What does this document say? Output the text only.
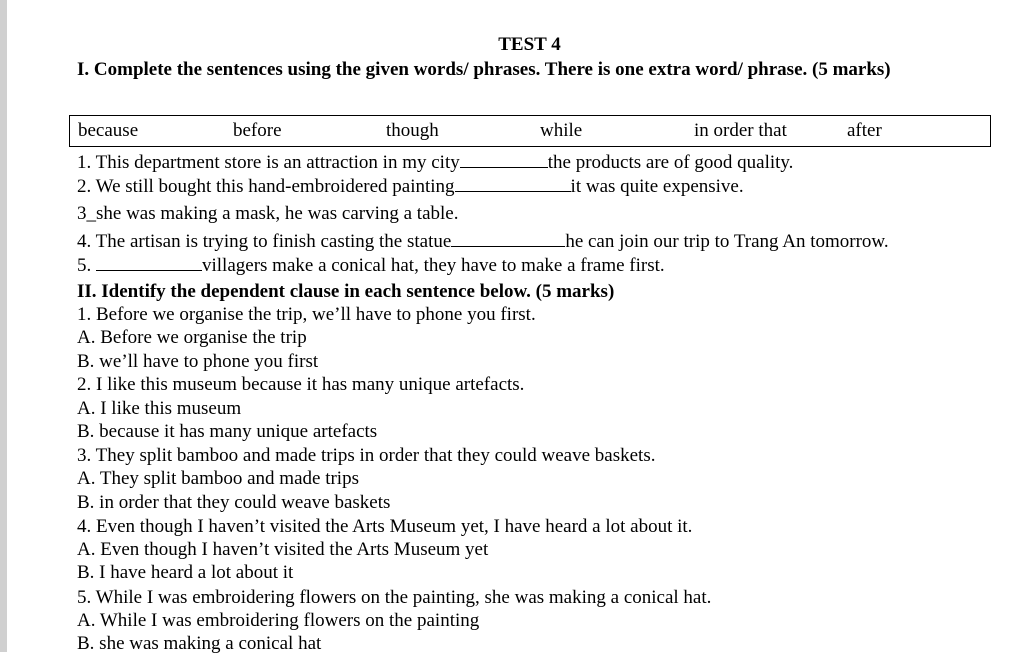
TEST 4
I. Complete the sentences using the given words/ phrases. There is one extra word/ phrase. (5 marks)
because	before	though	while	in order that	after
1. This department store is an attraction in my city	the products are of good quality.
2. We still bought this hand-embroidered painting	it was quite expensive.
3_she was making a mask, he was carving a table.
4. The artisan is trying to finish casting the statue	he can join our trip to Trang An tomorrow.
5.	villagers make a conical hat, they have to make a frame first.
II. Identify the dependent clause in each sentence below. (5 marks)
1. Before we organise the trip, we’ll have to phone you first.
A. Before we organise the trip
B. we’ll have to phone you first
2. I like this museum because it has many unique artefacts.
A. I like this museum
B. because it has many unique artefacts
3. They split bamboo and made trips in order that they could weave baskets.
A. They split bamboo and made trips
B. in order that they could weave baskets
4. Even though I haven’t visited the Arts Museum yet, I have heard a lot about it.
A. Even though I haven’t visited the Arts Museum yet
B. I have heard a lot about it
5. While I was embroidering flowers on the painting, she was making a conical hat.
A. While I was embroidering flowers on the painting
B. she was making a conical hat
